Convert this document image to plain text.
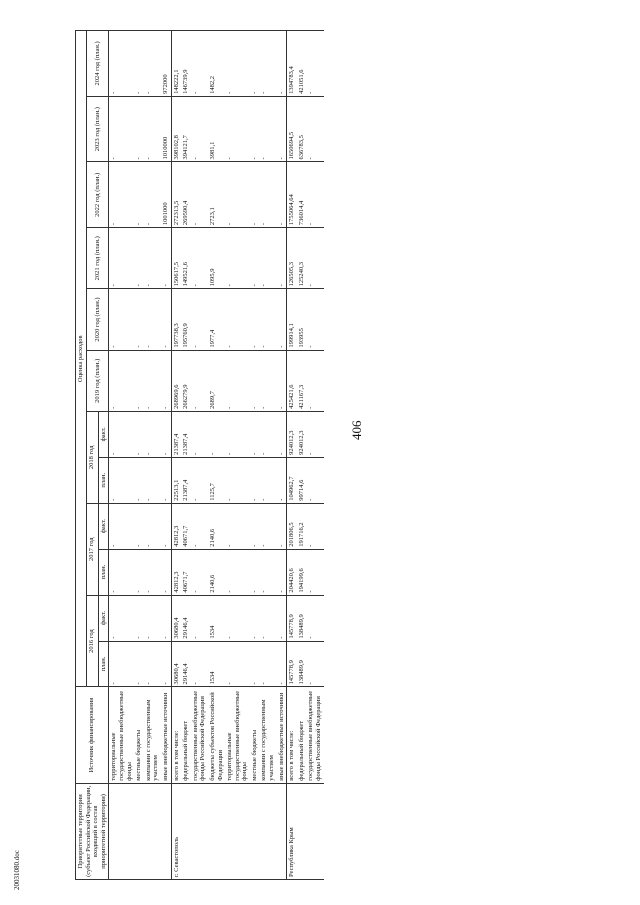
406
20031080.doc
Приоритетные территории (субъект Российской Федерации, входящий в состав приоритетной территории)	Источник финансирования	Оценка расходов											
		2016 год		2017 год		2018 год		2019 год (план.)	2020 год (план.)	2021 год (план.)	2022 год (план.)	2023 год (план.)	2024 год (план.)
		план.	факт.	план.	факт.	план.	факт.						
	территориальные государственные внебюджетные фонды	-	-	-	-	-	-	-	-	-	-	-	-
	местные бюджеты	-	-	-	-	-	-	-	-	-	-	-	-
	компании с государственным участием	-	-	-	-	-	-	-	-	-	-	-	-
	иные внебюджетные источники	-	-	-	-	-	-	-	-	-	1001000	1010000	972000
г. Севастополь	всего в том числе:	30680,4	30680,4	42812,3	42812,3	22513,1	21387,4	268969,6	197738,3	150617,5	272313,5	398102,8	148222,1
	федеральный бюджет	29146,4	29146,4	40671,7	40671,7	21387,4	21387,4	266279,9	195760,9	149521,6	269590,4	394121,7	146739,9
	государственные внебюджетные фонды Российской Федерации	-	-	-	-	-	-	-	-	-	-	-	-
	бюджеты субъектов Российской Федерации	1534	1534	2140,6	2140,6	1125,7	-	2689,7	1977,4	1095,9	2723,1	3981,1	1482,2
	территориальные государственные внебюджетные фонды	-	-	-	-	-	-	-	-	-	-	-	-
	местные бюджеты	-	-	-	-	-	-	-	-	-	-	-	-
	компании с государственным участием	-	-	-	-	-	-	-	-	-	-	-	-
	иные внебюджетные источники	-	-	-	-	-	-	-	-	-	-	-	-
Республика Крым	всего в том числе:	145778,9	145778,9	204420,6	201806,5	104962,7	924012,3	425421,6	199914,1	126505,3	1755064,64	1650694,5	1394783,4
	федеральный бюджет	138489,9	138489,9	194199,6	191716,2	99714,6	924012,3	421167,3	193955	125240,3	736014,4	636783,5	421051,6
	государственные внебюджетные фонды Российской Федерации	-	-	-	-	-	-	-	-	-	-	-	-
